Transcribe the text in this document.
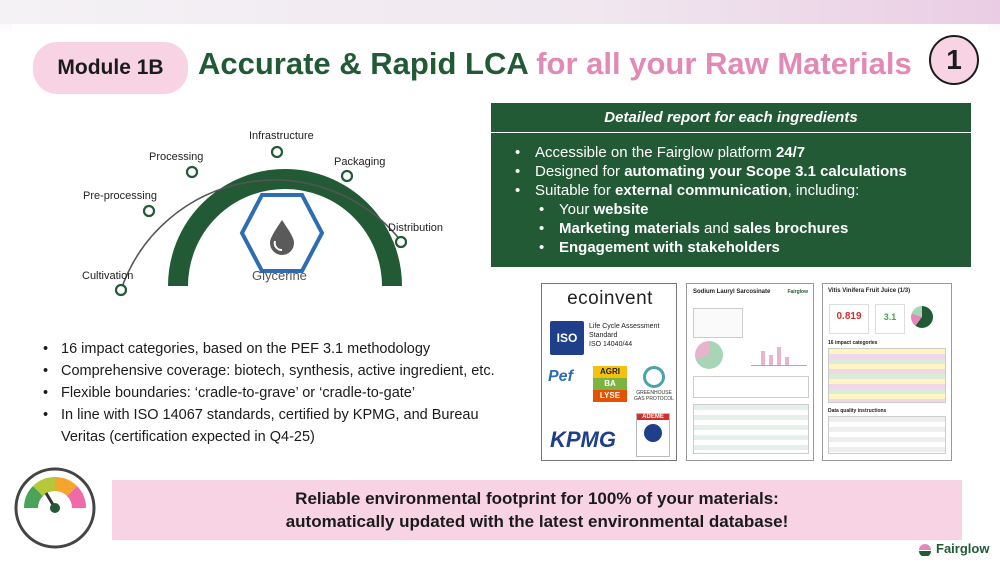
Module 1B	Accurate & Rapid LCA for all your Raw Materials	1
Cultivation
Pre-processing
Processing
Infrastructure
Packaging
Distribution
Glycerine
Detailed report for each ingredients
• Accessible on the Fairglow platform 24/7
• Designed for automating your Scope 3.1 calculations
• Suitable for external communication, including:
• Your website
• Marketing materials and sales brochures
• Engagement with stakeholders
• 16 impact categories, based on the PEF 3.1 methodology
• Comprehensive coverage: biotech, synthesis, active ingredient, etc.
• Flexible boundaries: ‘cradle-to-grave’ or ‘cradle-to-gate’
• In line with ISO 14067 standards, certified by KPMG, and Bureau Veritas (certification expected in Q4-25)
ecoinvent
ISO
Life Cycle Assessment
Standard
ISO 14040/44
Pef	AGRI
BA
LYSE	GREENHOUSE
GAS PROTOCOL
KPMG
ADEME
Sodium Lauryl Sarcosinate	Fairglow	Vitis Vinifera Fruit Juice (1/3)
0.819	3.1
16 impact categories
Data quality instructions
Reliable environmental footprint for 100% of your materials:
automatically updated with the latest environmental database!
Fairglow
